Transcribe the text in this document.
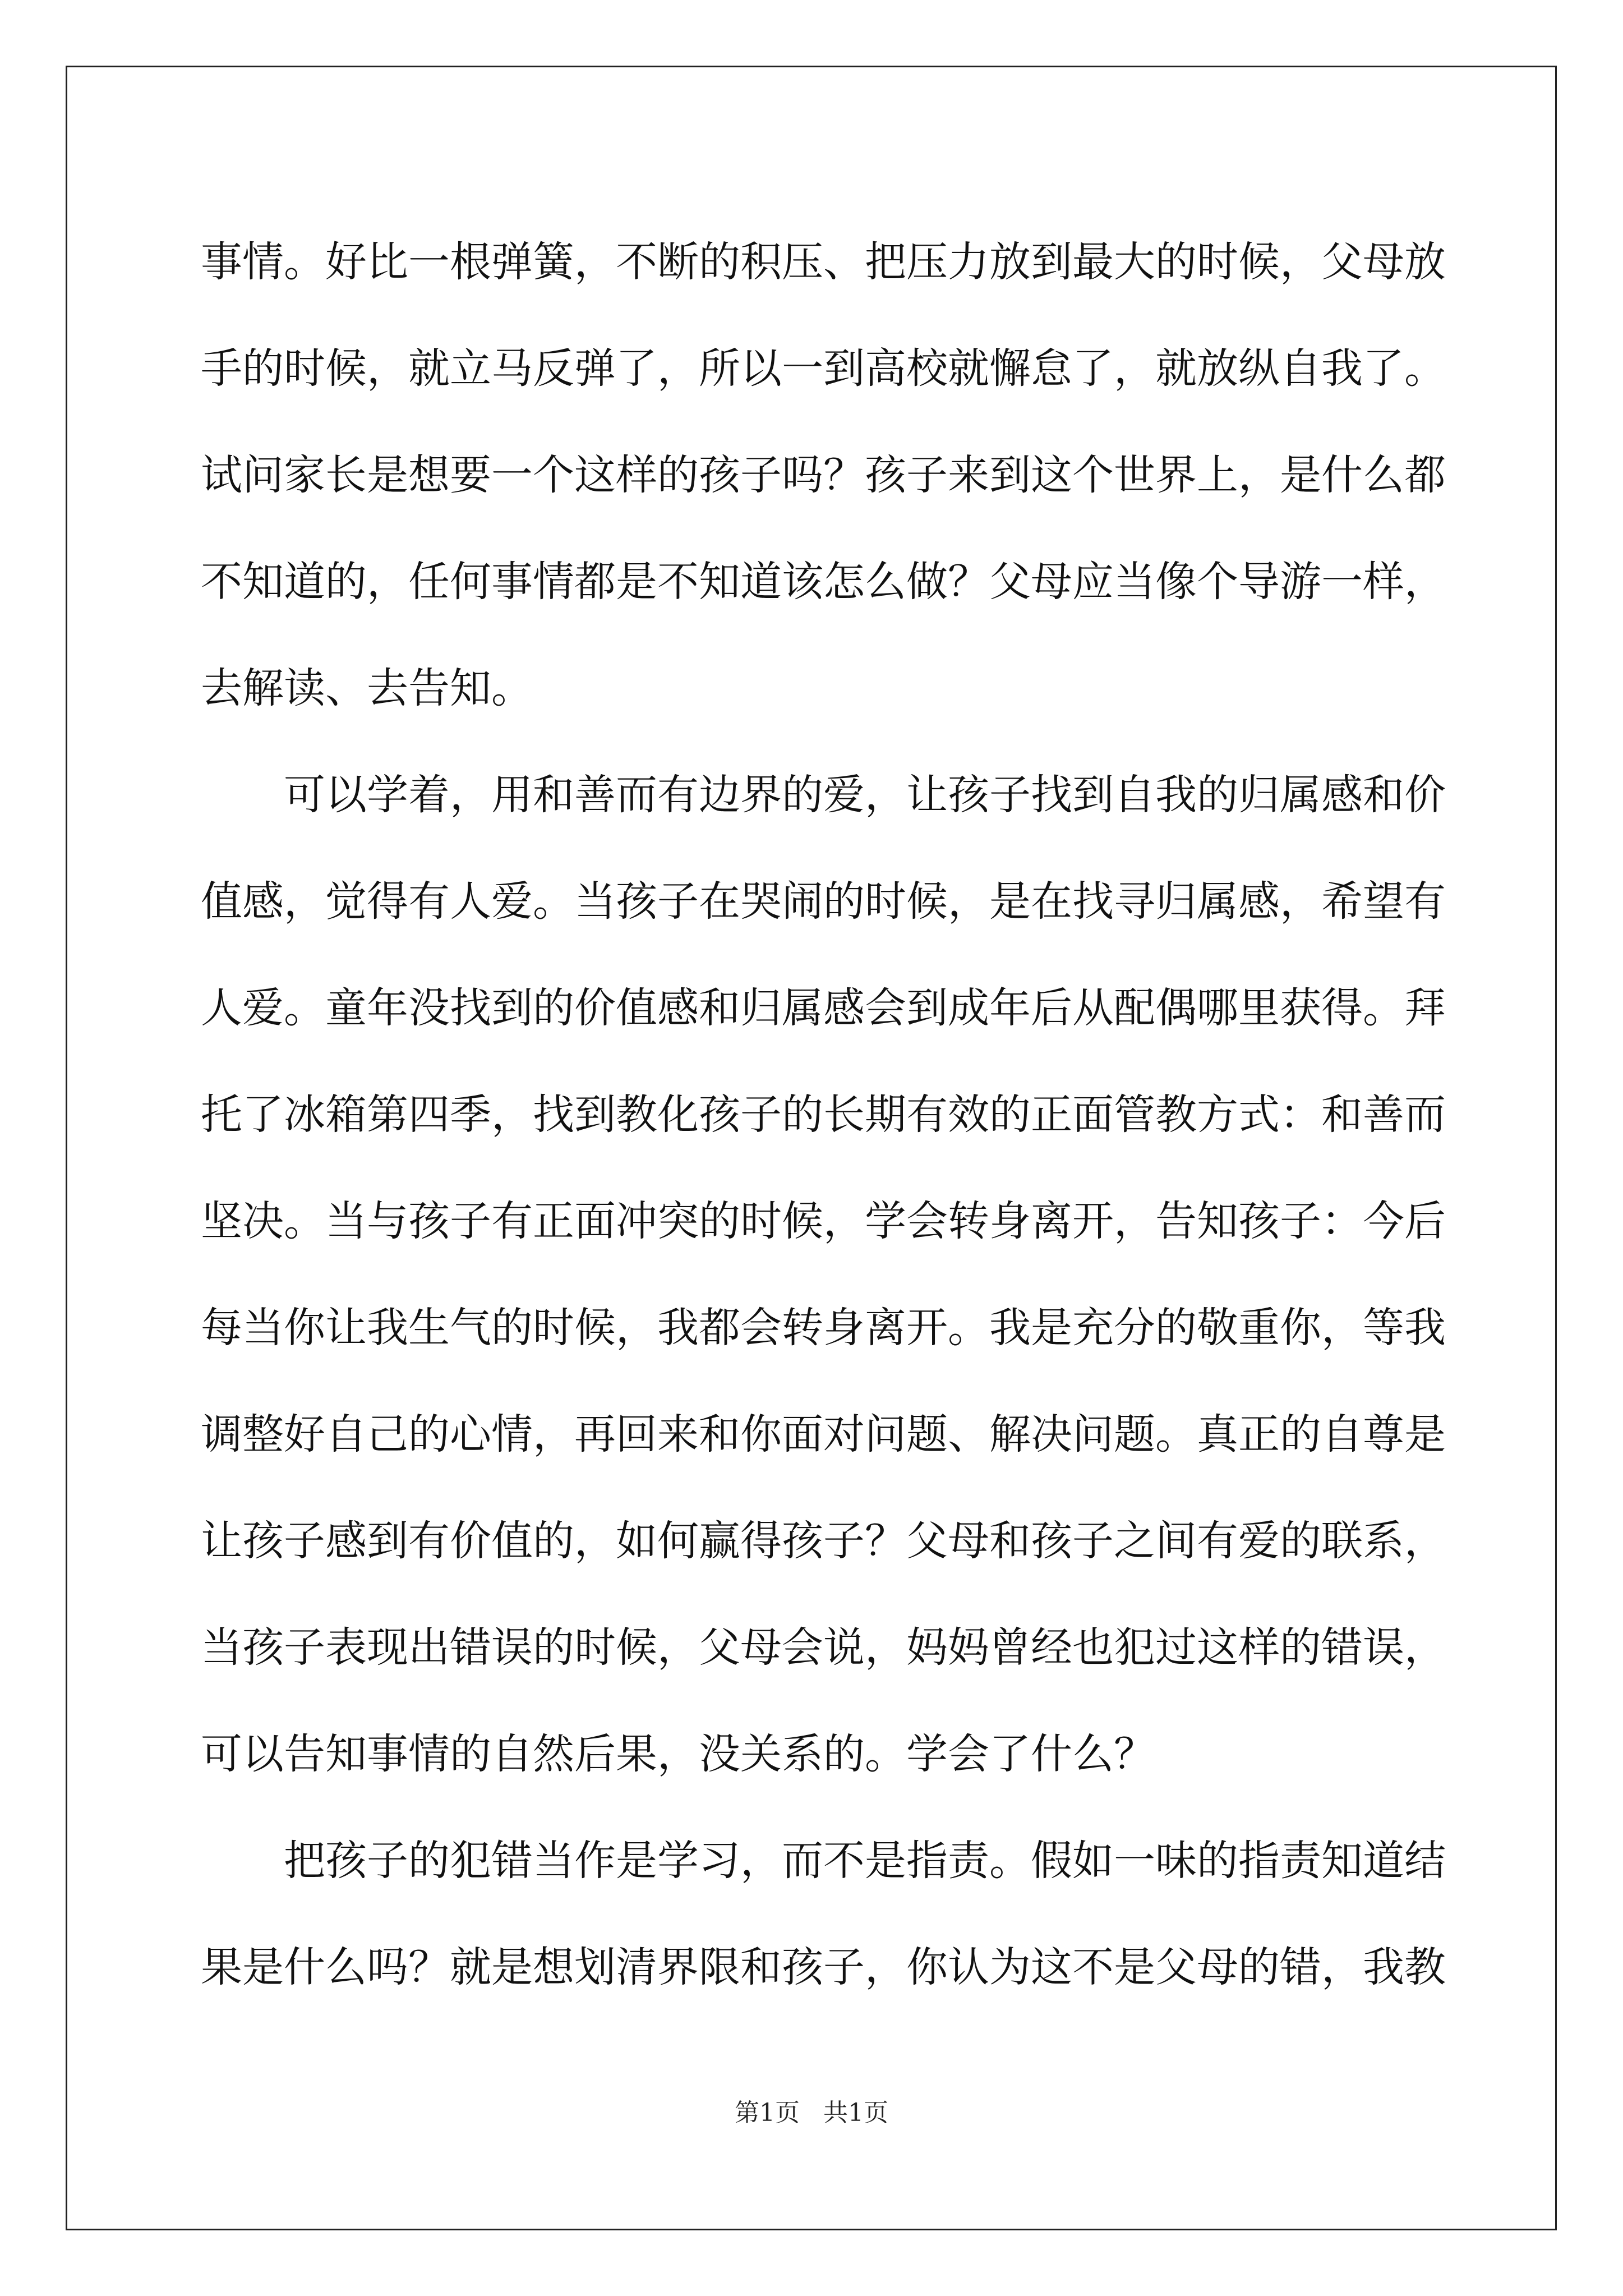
事情。好比一根弹簧，不断的积压、把压力放到最大的时候，父母放
手的时候，就立马反弹了，所以一到高校就懈怠了，就放纵自我了。
试问家长是想要一个这样的孩子吗？孩子来到这个世界上，是什么都
不知道的，任何事情都是不知道该怎么做？父母应当像个导游一样，
去解读、去告知。
可以学着，用和善而有边界的爱，让孩子找到自我的归属感和价
值感，觉得有人爱。当孩子在哭闹的时候，是在找寻归属感，希望有
人爱。童年没找到的价值感和归属感会到成年后从配偶哪里获得。拜
托了冰箱第四季，找到教化孩子的长期有效的正面管教方式：和善而
坚决。当与孩子有正面冲突的时候，学会转身离开，告知孩子：今后
每当你让我生气的时候，我都会转身离开。我是充分的敬重你，等我
调整好自己的心情，再回来和你面对问题、解决问题。真正的自尊是
让孩子感到有价值的，如何赢得孩子？父母和孩子之间有爱的联系，
当孩子表现出错误的时候，父母会说，妈妈曾经也犯过这样的错误，
可以告知事情的自然后果，没关系的。学会了什么？
把孩子的犯错当作是学习，而不是指责。假如一味的指责知道结
果是什么吗？就是想划清界限和孩子，你认为这不是父母的错，我教
第1页   共1页
